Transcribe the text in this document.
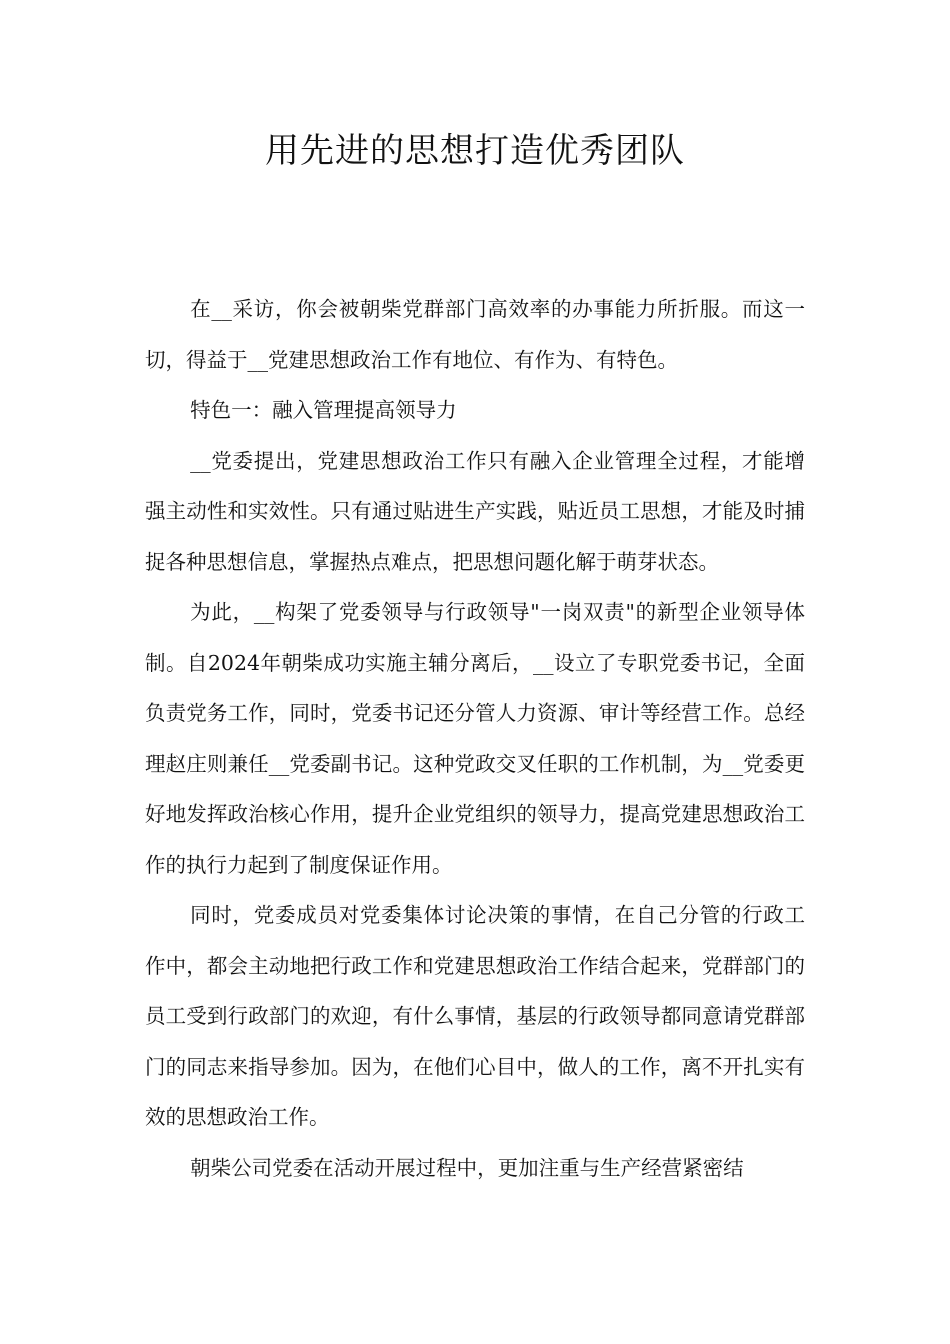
用先进的思想打造优秀团队

在__采访，你会被朝柴党群部门高效率的办事能力所折服。而这一切，得益于__党建思想政治工作有地位、有作为、有特色。

特色一：融入管理提高领导力

__党委提出，党建思想政治工作只有融入企业管理全过程，才能增强主动性和实效性。只有通过贴进生产实践，贴近员工思想，才能及时捕捉各种思想信息，掌握热点难点，把思想问题化解于萌芽状态。

为此，__构架了党委领导与行政领导"一岗双责"的新型企业领导体制。自2024年朝柴成功实施主辅分离后，__设立了专职党委书记，全面负责党务工作，同时，党委书记还分管人力资源、审计等经营工作。总经理赵庄则兼任__党委副书记。这种党政交叉任职的工作机制，为__党委更好地发挥政治核心作用，提升企业党组织的领导力，提高党建思想政治工作的执行力起到了制度保证作用。

同时，党委成员对党委集体讨论决策的事情，在自己分管的行政工作中，都会主动地把行政工作和党建思想政治工作结合起来，党群部门的员工受到行政部门的欢迎，有什么事情，基层的行政领导都同意请党群部门的同志来指导参加。因为，在他们心目中，做人的工作，离不开扎实有效的思想政治工作。

朝柴公司党委在活动开展过程中，更加注重与生产经营紧密结
